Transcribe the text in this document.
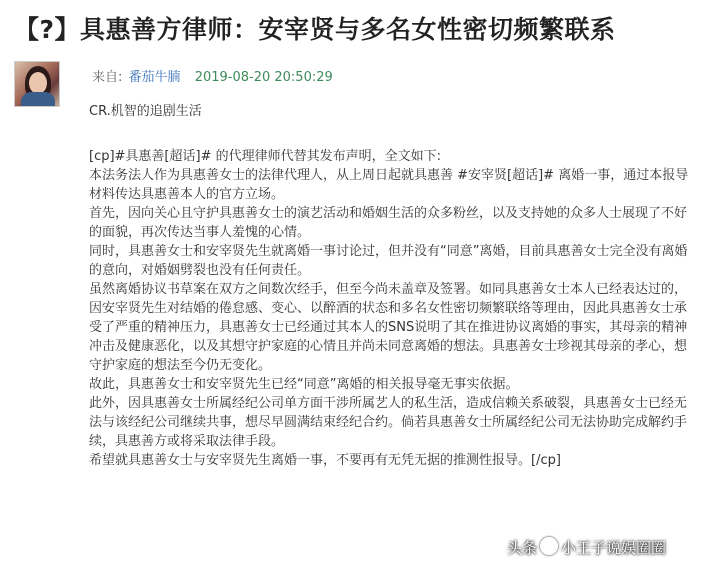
【?】具惠善方律师：安宰贤与多名女性密切频繁联系
来自: 番茄牛腩 2019-08-20 20:50:29
CR.机智的追剧生活

[cp]#具惠善[超话]# 的代理律师代替其发布声明，全文如下:

本法务法人作为具惠善女士的法律代理人，从上周日起就具惠善 #安宰贤[超话]# 离婚一事，通过本报导材料传达具惠善本人的官方立场。

首先，因向关心且守护具惠善女士的演艺活动和婚姻生活的众多粉丝，以及支持她的众多人士展现了不好的面貌，再次传达当事人羞愧的心情。

同时，具惠善女士和安宰贤先生就离婚一事讨论过，但并没有“同意”离婚，目前具惠善女士完全没有离婚的意向，对婚姻劈裂也没有任何责任。

虽然离婚协议书草案在双方之间数次经手，但至今尚未盖章及签署。如同具惠善女士本人已经表达过的，因安宰贤先生对结婚的倦怠感、变心、以醉酒的状态和多名女性密切频繁联络等理由，因此具惠善女士承受了严重的精神压力，具惠善女士已经通过其本人的SNS说明了其在推进协议离婚的事实，其母亲的精神冲击及健康恶化，以及其想守护家庭的心情且并尚未同意离婚的想法。具惠善女士珍视其母亲的孝心，想守护家庭的想法至今仍无变化。

故此，具惠善女士和安宰贤先生已经“同意”离婚的相关报导毫无事实依据。

此外，因具惠善女士所属经纪公司单方面干涉所属艺人的私生活，造成信赖关系破裂，具惠善女士已经无法与该经纪公司继续共事，想尽早圆满结束经纪合约。倘若具惠善女士所属经纪公司无法协助完成解约手续，具惠善方或将采取法律手段。

希望就具惠善女士与安宰贤先生离婚一事，不要再有无凭无据的推测性报导。[/cp]

头条 小王子说娱圈圈
